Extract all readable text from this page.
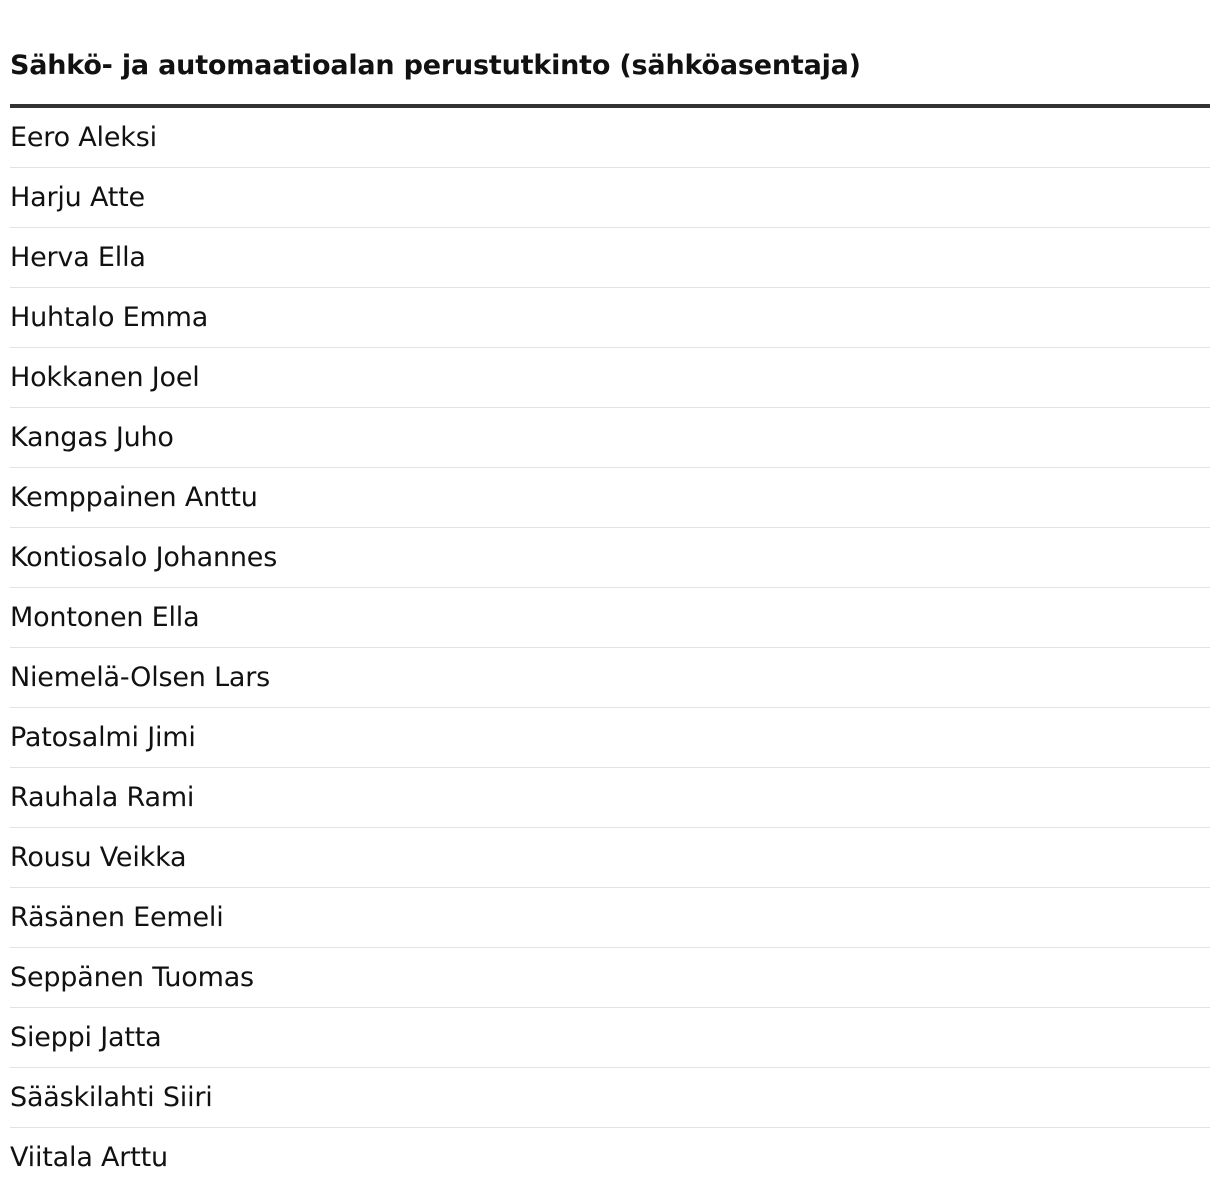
Sähkö- ja automaatioalan perustutkinto (sähköasentaja)
Eero Aleksi
Harju Atte
Herva Ella
Huhtalo Emma
Hokkanen Joel
Kangas Juho
Kemppainen Anttu
Kontiosalo Johannes
Montonen Ella
Niemelä-Olsen Lars
Patosalmi Jimi
Rauhala Rami
Rousu Veikka
Räsänen Eemeli
Seppänen Tuomas
Sieppi Jatta
Sääskilahti Siiri
Viitala Arttu
